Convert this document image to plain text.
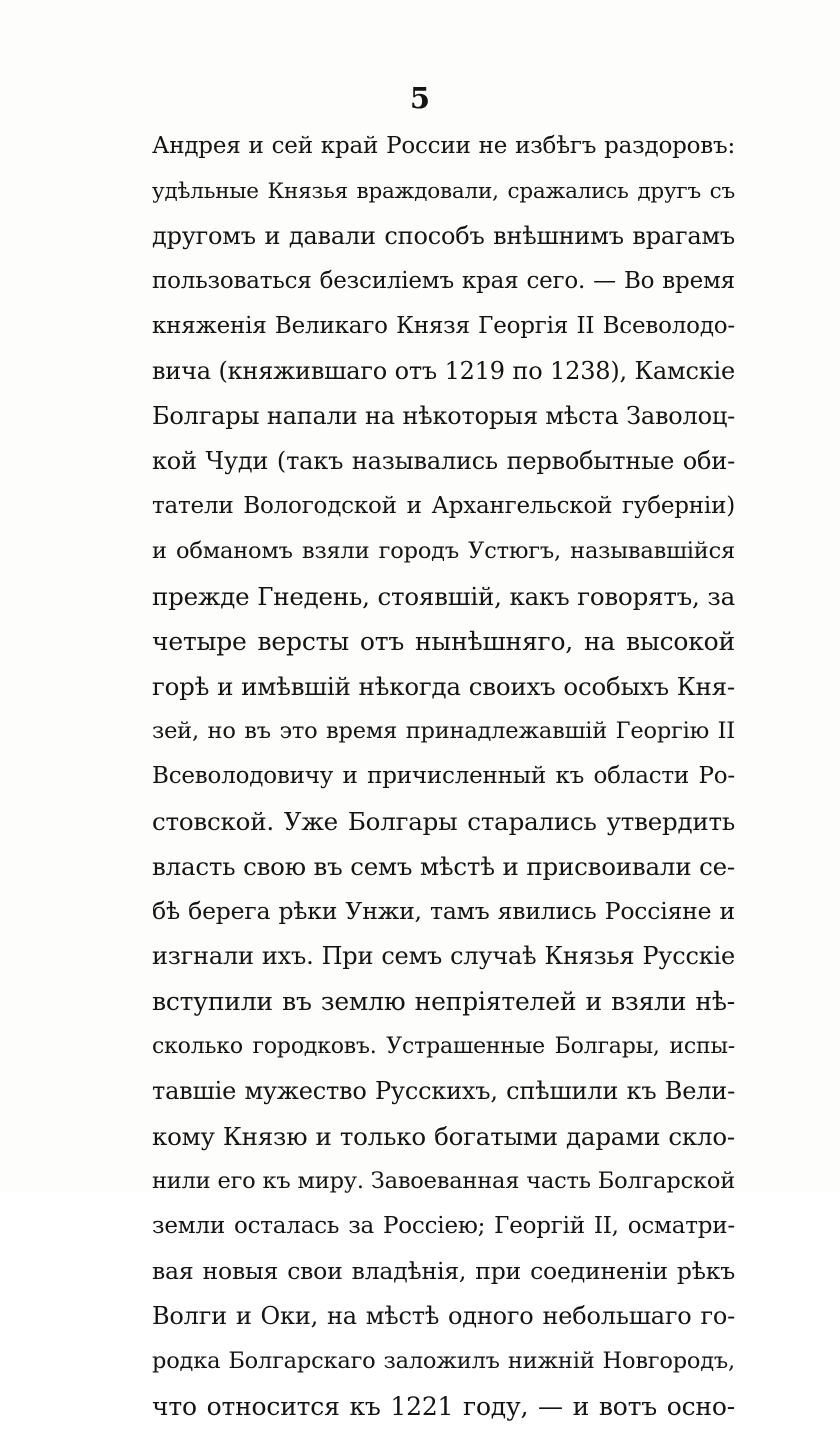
5
Андрея и сей край России не избѣгъ раздоровъ:
удѣльные Князья враждовали, сражались другъ съ
другомъ и давали способъ внѣшнимъ врагамъ
пользоваться безсиліемъ края сего. — Во время
княженія Великаго Князя Георгія II Всеволодо-
вича (княжившаго отъ 1219 по 1238), Камскіе
Болгары напали на нѣкоторыя мѣста Заволоц-
кой Чуди (такъ назывались первобытные оби-
татели Вологодской и Архангельской губерніи)
и обманомъ взяли городъ Устюгъ, называвшійся
прежде Гнедень, стоявшій, какъ говорятъ, за
четыре версты отъ нынѣшняго, на высокой
горѣ и имѣвшій нѣкогда своихъ особыхъ Кня-
зей, но въ это время принадлежавшій Георгію II
Всеволодовичу и причисленный къ области Ро-
стовской. Уже Болгары старались утвердить
власть свою въ семъ мѣстѣ и присвоивали се-
бѣ берега рѣки Унжи, тамъ явились Россіяне и
изгнали ихъ. При семъ случаѣ Князья Русскіе
вступили въ землю непріятелей и взяли нѣ-
сколько городковъ. Устрашенные Болгары, испы-
тавшіе мужество Русскихъ, спѣшили къ Вели-
кому Князю и только богатыми дарами скло-
нили его къ миру. Завоеванная часть Болгарской
земли осталась за Россіею; Георгій II, осматри-
вая новыя свои владѣнія, при соединеніи рѣкъ
Волги и Оки, на мѣстѣ одного небольшаго го-
родка Болгарскаго заложилъ нижній Новгородъ,
что относится къ 1221 году, — и вотъ осно-
